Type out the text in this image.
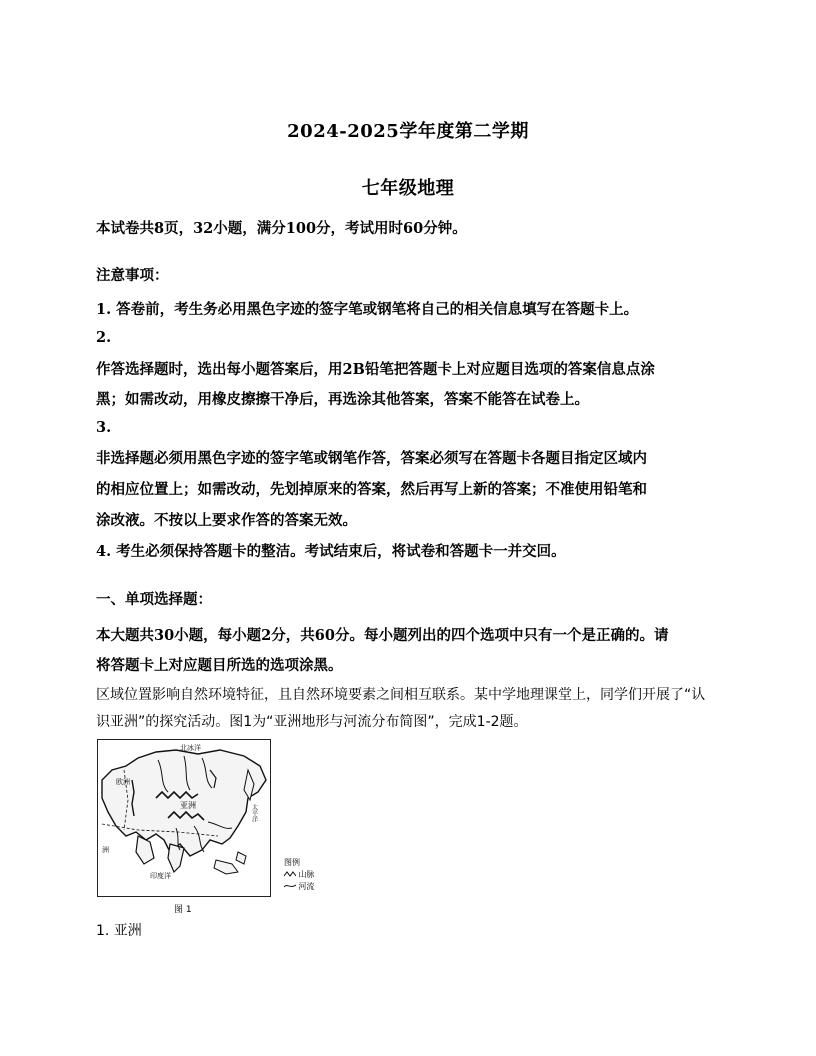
2024-2025学年度第二学期
七年级地理
本试卷共8页，32小题，满分100分，考试用时60分钟。
注意事项：
1. 答卷前，考生务必用黑色字迹的签字笔或钢笔将自己的相关信息填写在答题卡上。
2.
作答选择题时，选出每小题答案后，用2B铅笔把答题卡上对应题目选项的答案信息点涂
黑；如需改动，用橡皮擦擦干净后，再选涂其他答案，答案不能答在试卷上。
3.
非选择题必须用黑色字迹的签字笔或钢笔作答，答案必须写在答题卡各题目指定区域内
的相应位置上；如需改动，先划掉原来的答案，然后再写上新的答案；不准使用铅笔和
涂改液。不按以上要求作答的答案无效。
4. 考生必须保持答题卡的整洁。考试结束后，将试卷和答题卡一并交回。
一、单项选择题：
本大题共30小题，每小题2分，共60分。每小题列出的四个选项中只有一个是正确的。请
将答题卡上对应题目所选的选项涂黑。
区域位置影响自然环境特征，且自然环境要素之间相互联系。某中学地理课堂上，同学们开展了“认
识亚洲”的探究活动。图1为“亚洲地形与河流分布简图”，完成1-2题。
北冰洋
欧洲
亚洲	太平洋
印度洋
洲
图例
山脉
河流
图 1
1. 亚洲
